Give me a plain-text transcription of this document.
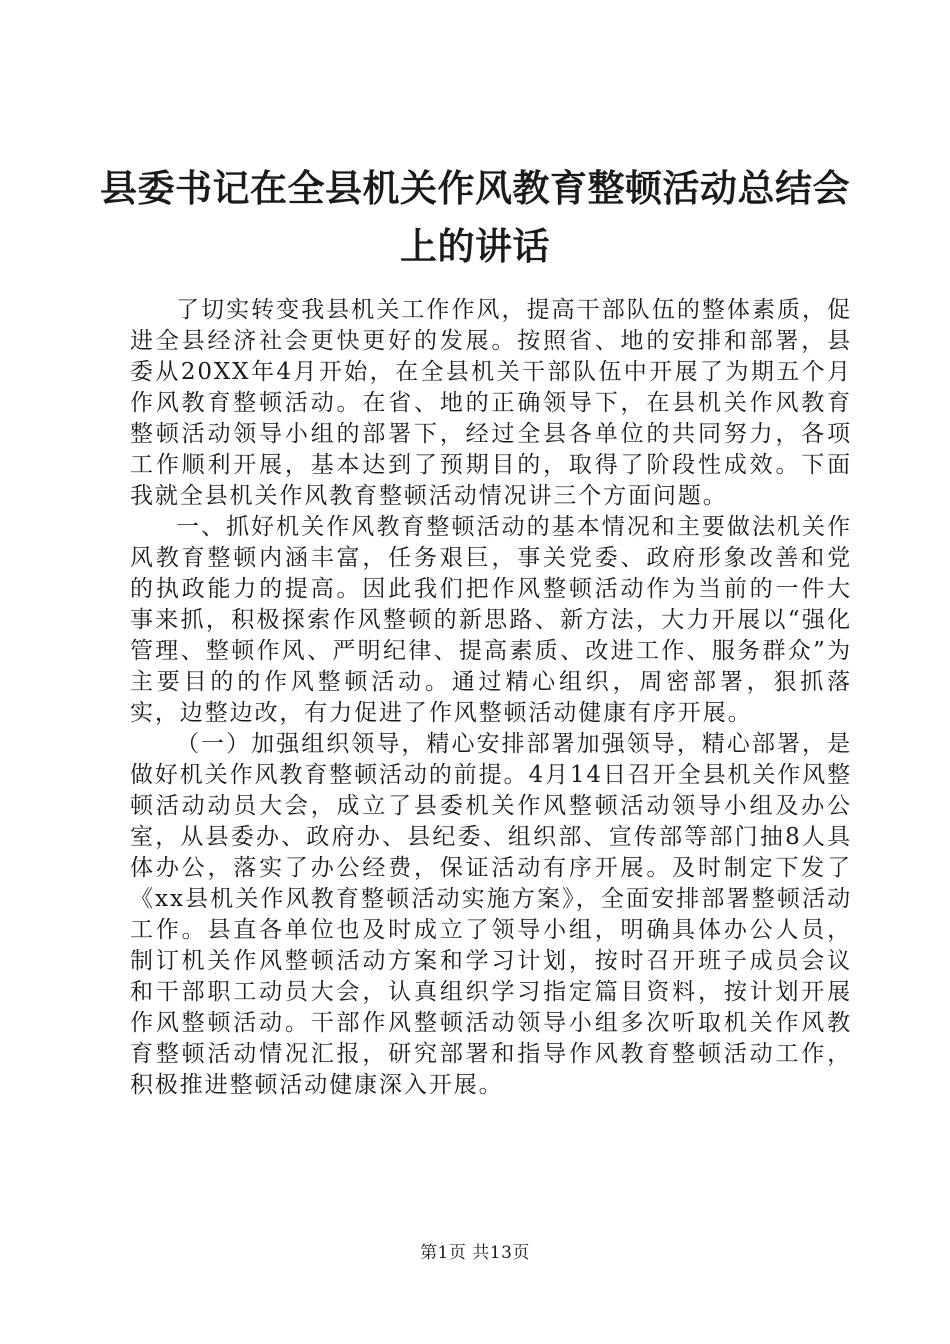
县委书记在全县机关作风教育整顿活动总结会
上的讲话

了切实转变我县机关工作作风，提高干部队伍的整体素质，促进全县经济社会更快更好的发展。按照省、地的安排和部署，县委从20XX年4月开始，在全县机关干部队伍中开展了为期五个月作风教育整顿活动。在省、地的正确领导下，在县机关作风教育整顿活动领导小组的部署下，经过全县各单位的共同努力，各项工作顺利开展，基本达到了预期目的，取得了阶段性成效。下面我就全县机关作风教育整顿活动情况讲三个方面问题。

一、抓好机关作风教育整顿活动的基本情况和主要做法机关作风教育整顿内涵丰富，任务艰巨，事关党委、政府形象改善和党的执政能力的提高。因此我们把作风整顿活动作为当前的一件大事来抓，积极探索作风整顿的新思路、新方法，大力开展以“强化管理、整顿作风、严明纪律、提高素质、改进工作、服务群众”为主要目的的作风整顿活动。通过精心组织，周密部署，狠抓落实，边整边改，有力促进了作风整顿活动健康有序开展。

（一）加强组织领导，精心安排部署加强领导，精心部署，是做好机关作风教育整顿活动的前提。4月14日召开全县机关作风整顿活动动员大会，成立了县委机关作风整顿活动领导小组及办公室，从县委办、政府办、县纪委、组织部、宣传部等部门抽8人具体办公，落实了办公经费，保证活动有序开展。及时制定下发了《xx县机关作风教育整顿活动实施方案》，全面安排部署整顿活动工作。县直各单位也及时成立了领导小组，明确具体办公人员，制订机关作风整顿活动方案和学习计划，按时召开班子成员会议和干部职工动员大会，认真组织学习指定篇目资料，按计划开展作风整顿活动。干部作风整顿活动领导小组多次听取机关作风教育整顿活动情况汇报，研究部署和指导作风教育整顿活动工作，积极推进整顿活动健康深入开展。

第1页 共13页
